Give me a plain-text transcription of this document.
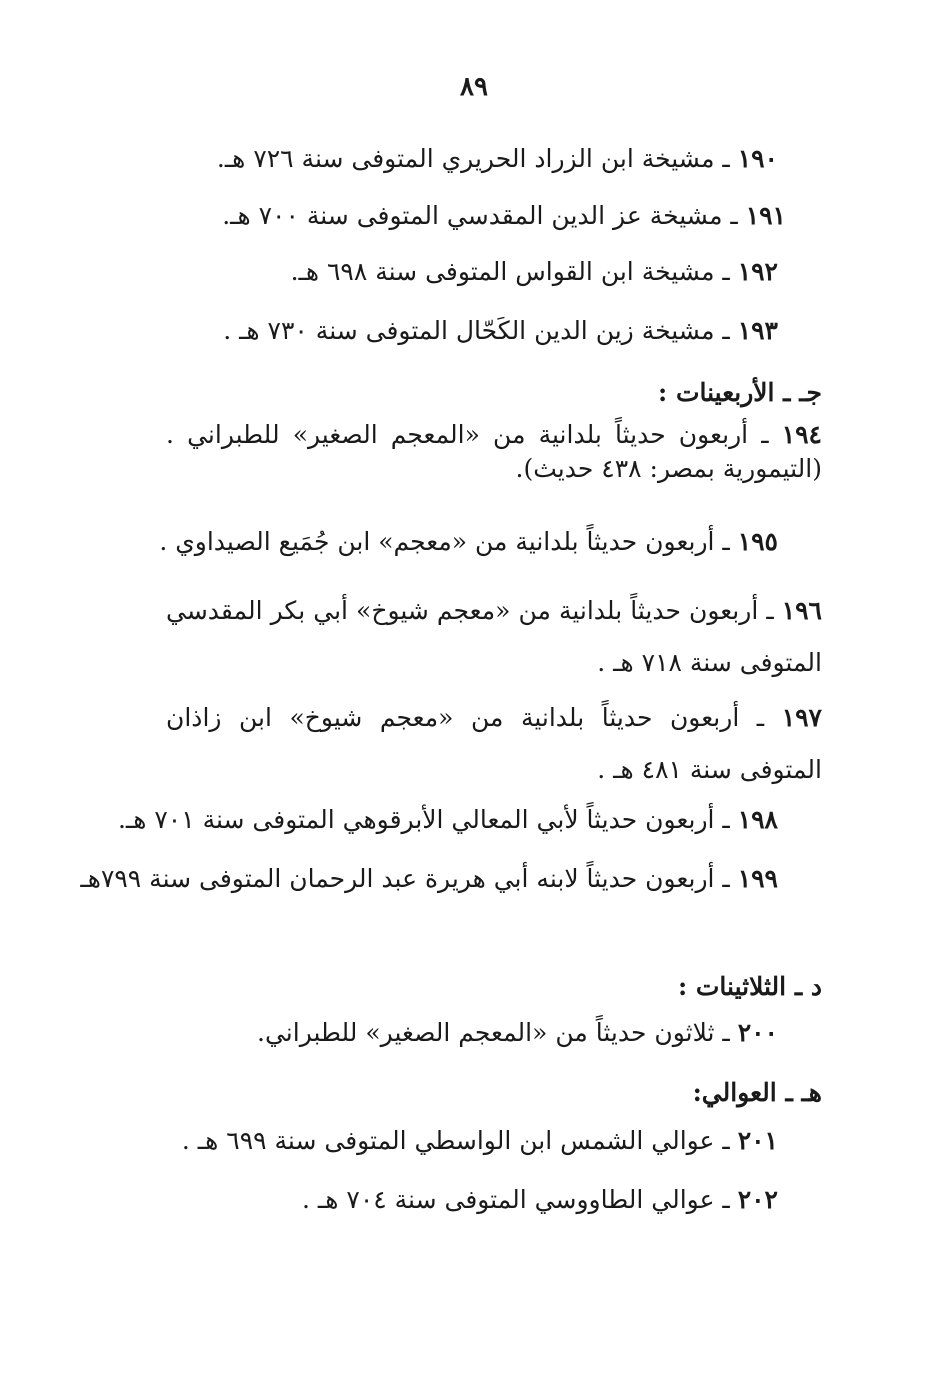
٨٩
١٩٠ ـ مشيخة ابن الزراد الحريري المتوفى سنة ٧٢٦ هـ.
١٩١ ـ مشيخة عز الدين المقدسي المتوفى سنة ٧٠٠ هـ.
١٩٢ ـ مشيخة ابن القواس المتوفى سنة ٦٩٨ هـ.
١٩٣ ـ مشيخة زين الدين الكَحّال المتوفى سنة ٧٣٠ هـ .
جـ ـ الأربعينات :
١٩٤ ـ أربعون حديثاً بلدانية من «المعجم الصغير» للطبراني . (التيمورية بمصر: ٤٣٨ حديث).
١٩٥ ـ أربعون حديثاً بلدانية من «معجم» ابن جُمَيع الصيداوي .
١٩٦ ـ أربعون حديثاً بلدانية من «معجم شيوخ» أبي بكر المقدسي المتوفى سنة ٧١٨ هـ .
١٩٧ ـ أربعون حديثاً بلدانية من «معجم شيوخ» ابن زاذان المتوفى سنة ٤٨١ هـ .
١٩٨ ـ أربعون حديثاً لأبي المعالي الأبرقوهي المتوفى سنة ٧٠١ هـ.
١٩٩ ـ أربعون حديثاً لابنه أبي هريرة عبد الرحمان المتوفى سنة ٧٩٩هـ
د ـ الثلاثينات :
٢٠٠ ـ ثلاثون حديثاً من «المعجم الصغير» للطبراني.
هـ ـ العوالي:
٢٠١ ـ عوالي الشمس ابن الواسطي المتوفى سنة ٦٩٩ هـ .
٢٠٢ ـ عوالي الطاووسي المتوفى سنة ٧٠٤ هـ .
